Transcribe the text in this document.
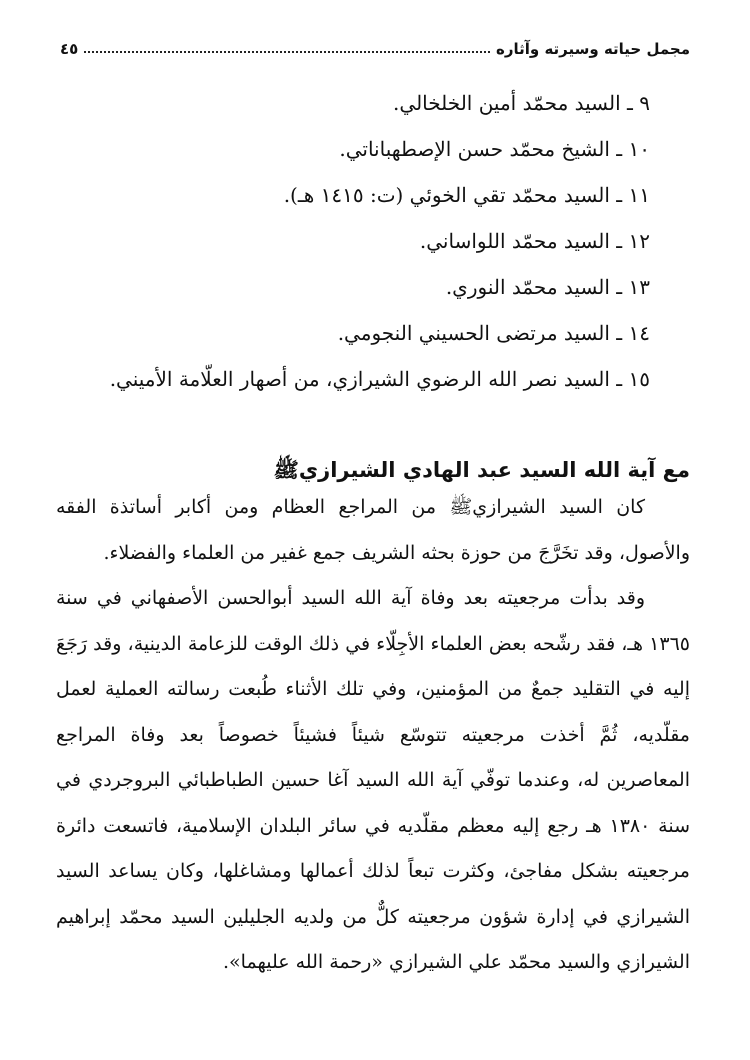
مجمل حياته وسيرته وآثاره
٤٥
٩ ـ السيد محمّد أمين الخلخالي.
١٠ ـ الشيخ محمّد حسن الإصطهباناتي.
١١ ـ السيد محمّد تقي الخوئي (ت: ١٤١٥ هـ).
١٢ ـ السيد محمّد اللواساني.
١٣ ـ السيد محمّد النوري.
١٤ ـ السيد مرتضى الحسيني النجومي.
١٥ ـ السيد نصر الله الرضوي الشيرازي، من أصهار العلّامة الأميني.
مع آية الله السيد عبد الهادي الشيرازيﷺ

كان السيد الشيرازيﷺ من المراجع العظام ومن أكابر أساتذة الفقه والأصول، وقد تخَرَّجَ من حوزة بحثه الشريف جمع غفير من العلماء والفضلاء.

وقد بدأت مرجعيته بعد وفاة آية الله السيد أبوالحسن الأصفهاني في سنة ١٣٦٥ هـ، فقد رشّحه بعض العلماء الأجِلّاء في ذلك الوقت للزعامة الدينية، وقد رَجَعَ إليه في التقليد جمعٌ من المؤمنين، وفي تلك الأثناء طُبعت رسالته العملية لعمل مقلّديه، ثُمَّ أخذت مرجعيته تتوسّع شيئاً فشيئاً خصوصاً بعد وفاة المراجع المعاصرين له، وعندما توفّي آية الله السيد آغا حسين الطباطبائي البروجردي في سنة ١٣٨٠ هـ رجع إليه معظم مقلّديه في سائر البلدان الإسلامية، فاتسعت دائرة مرجعيته بشكل مفاجئ، وكثرت تبعاً لذلك أعمالها ومشاغلها، وكان يساعد السيد الشيرازي في إدارة شؤون مرجعيته كلٌّ من ولديه الجليلين السيد محمّد إبراهيم الشيرازي والسيد محمّد علي الشيرازي «رحمة الله عليهما».
